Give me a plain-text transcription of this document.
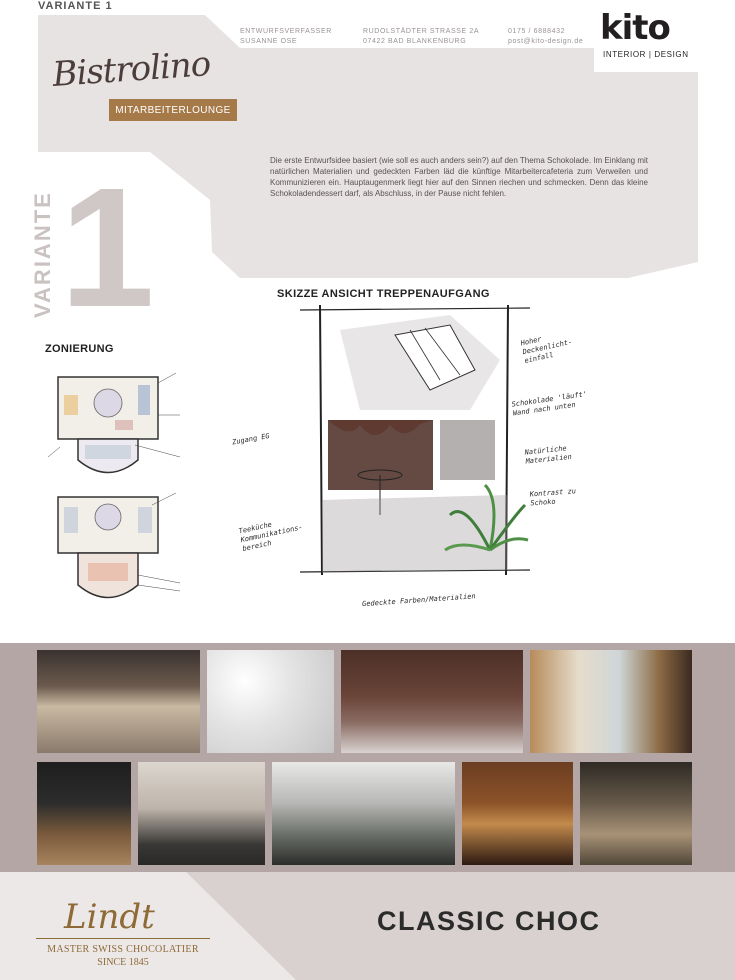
VARIANTE 1
ENTWURFSVERFASSER
SUSANNE OSE
RUDOLSTÄDTER STRASSE 2A
07422 BAD BLANKENBURG
0175 / 6888432
post@kito-design.de kito
INTERIOR | DESIGN
Bistrolino
MITARBEITERLOUNGE
Die erste Entwurfsidee basiert (wie soll es auch anders sein?) auf den Thema Schokolade. Im Einklang mit natürlichen Materialien und gedeckten Farben läd die künftige Mitarbeitercafeteria zum Verweilen und Kommunizieren ein. Hauptaugenmerk liegt hier auf den Sinnen riechen und schmecken. Denn das kleine Schokoladendessert darf, als Abschluss, in der Pause nicht fehlen.
1
VARIANTE
ZONIERUNG
SKIZZE ANSICHT TREPPENAUFGANG
Hoher Deckenlicht-einfall
Schokolade 'läuft' Wand nach unten
Natürliche Materialien
Kontrast zu Schoko
Zugang EG
Teeküche Kommunikations-bereich
Gedeckte Farben/Materialien
Lindt
MASTER SWISS CHOCOLATIER
SINCE 1845
CLASSIC CHOC
